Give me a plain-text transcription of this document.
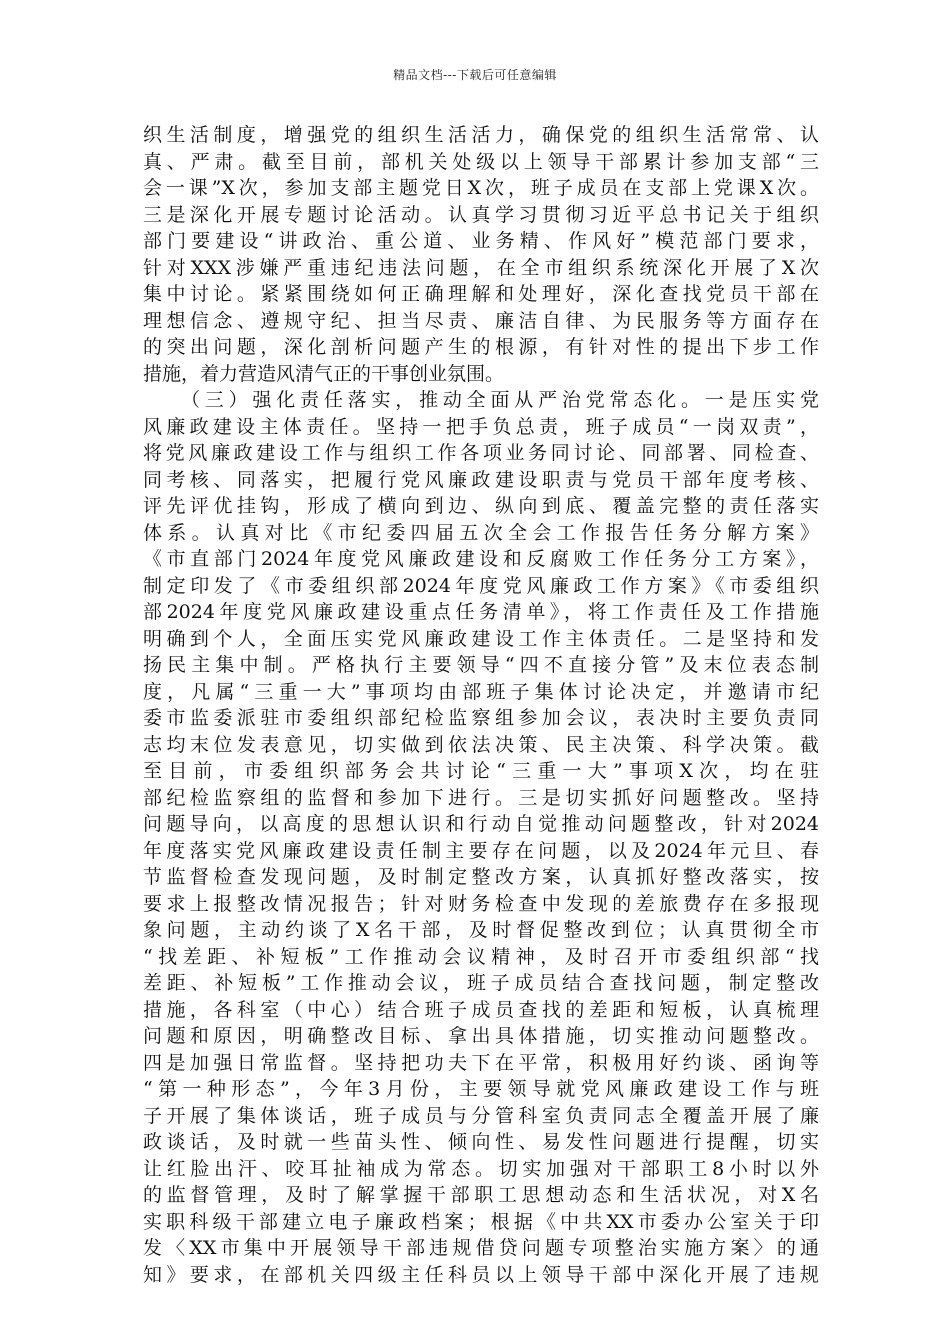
精品文档---下载后可任意编辑
织生活制度，增强党的组织生活活力，确保党的组织生活常常、认
真、严肃。截至目前，部机关处级以上领导干部累计参加支部“三
会一课”X次，参加支部主题党日X次，班子成员在支部上党课X次。
三是深化开展专题讨论活动。认真学习贯彻习近平总书记关于组织
部门要建设“讲政治、重公道、业务精、作风好”模范部门要求，
针对XXX涉嫌严重违纪违法问题，在全市组织系统深化开展了X次
集中讨论。紧紧围绕如何正确理解和处理好，深化查找党员干部在
理想信念、遵规守纪、担当尽责、廉洁自律、为民服务等方面存在
的突出问题，深化剖析问题产生的根源，有针对性的提出下步工作
措施，着力营造风清气正的干事创业氛围。
（三）强化责任落实，推动全面从严治党常态化。一是压实党
风廉政建设主体责任。坚持一把手负总责，班子成员“一岗双责”，
将党风廉政建设工作与组织工作各项业务同讨论、同部署、同检查、
同考核、同落实，把履行党风廉政建设职责与党员干部年度考核、
评先评优挂钩，形成了横向到边、纵向到底、覆盖完整的责任落实
体系。认真对比《市纪委四届五次全会工作报告任务分解方案》
《市直部门2024年度党风廉政建设和反腐败工作任务分工方案》，
制定印发了《市委组织部2024年度党风廉政工作方案》《市委组织
部2024年度党风廉政建设重点任务清单》，将工作责任及工作措施
明确到个人，全面压实党风廉政建设工作主体责任。二是坚持和发
扬民主集中制。严格执行主要领导“四不直接分管”及末位表态制
度，凡属“三重一大”事项均由部班子集体讨论决定，并邀请市纪
委市监委派驻市委组织部纪检监察组参加会议，表决时主要负责同
志均末位发表意见，切实做到依法决策、民主决策、科学决策。截
至目前，市委组织部务会共讨论“三重一大”事项X次，均在驻
部纪检监察组的监督和参加下进行。三是切实抓好问题整改。坚持
问题导向，以高度的思想认识和行动自觉推动问题整改，针对2024
年度落实党风廉政建设责任制主要存在问题，以及2024年元旦、春
节监督检查发现问题，及时制定整改方案，认真抓好整改落实，按
要求上报整改情况报告；针对财务检查中发现的差旅费存在多报现
象问题，主动约谈了X名干部，及时督促整改到位；认真贯彻全市
“找差距、补短板”工作推动会议精神，及时召开市委组织部“找
差距、补短板”工作推动会议，班子成员结合查找问题，制定整改
措施，各科室（中心）结合班子成员查找的差距和短板，认真梳理
问题和原因，明确整改目标、拿出具体措施，切实推动问题整改。
四是加强日常监督。坚持把功夫下在平常，积极用好约谈、函询等
“第一种形态”，今年3月份，主要领导就党风廉政建设工作与班
子开展了集体谈话，班子成员与分管科室负责同志全覆盖开展了廉
政谈话，及时就一些苗头性、倾向性、易发性问题进行提醒，切实
让红脸出汗、咬耳扯袖成为常态。切实加强对干部职工8小时以外
的监督管理，及时了解掌握干部职工思想动态和生活状况，对X名
实职科级干部建立电子廉政档案；根据《中共XX市委办公室关于印
发〈XX市集中开展领导干部违规借贷问题专项整治实施方案〉的通
知》要求，在部机关四级主任科员以上领导干部中深化开展了违规
